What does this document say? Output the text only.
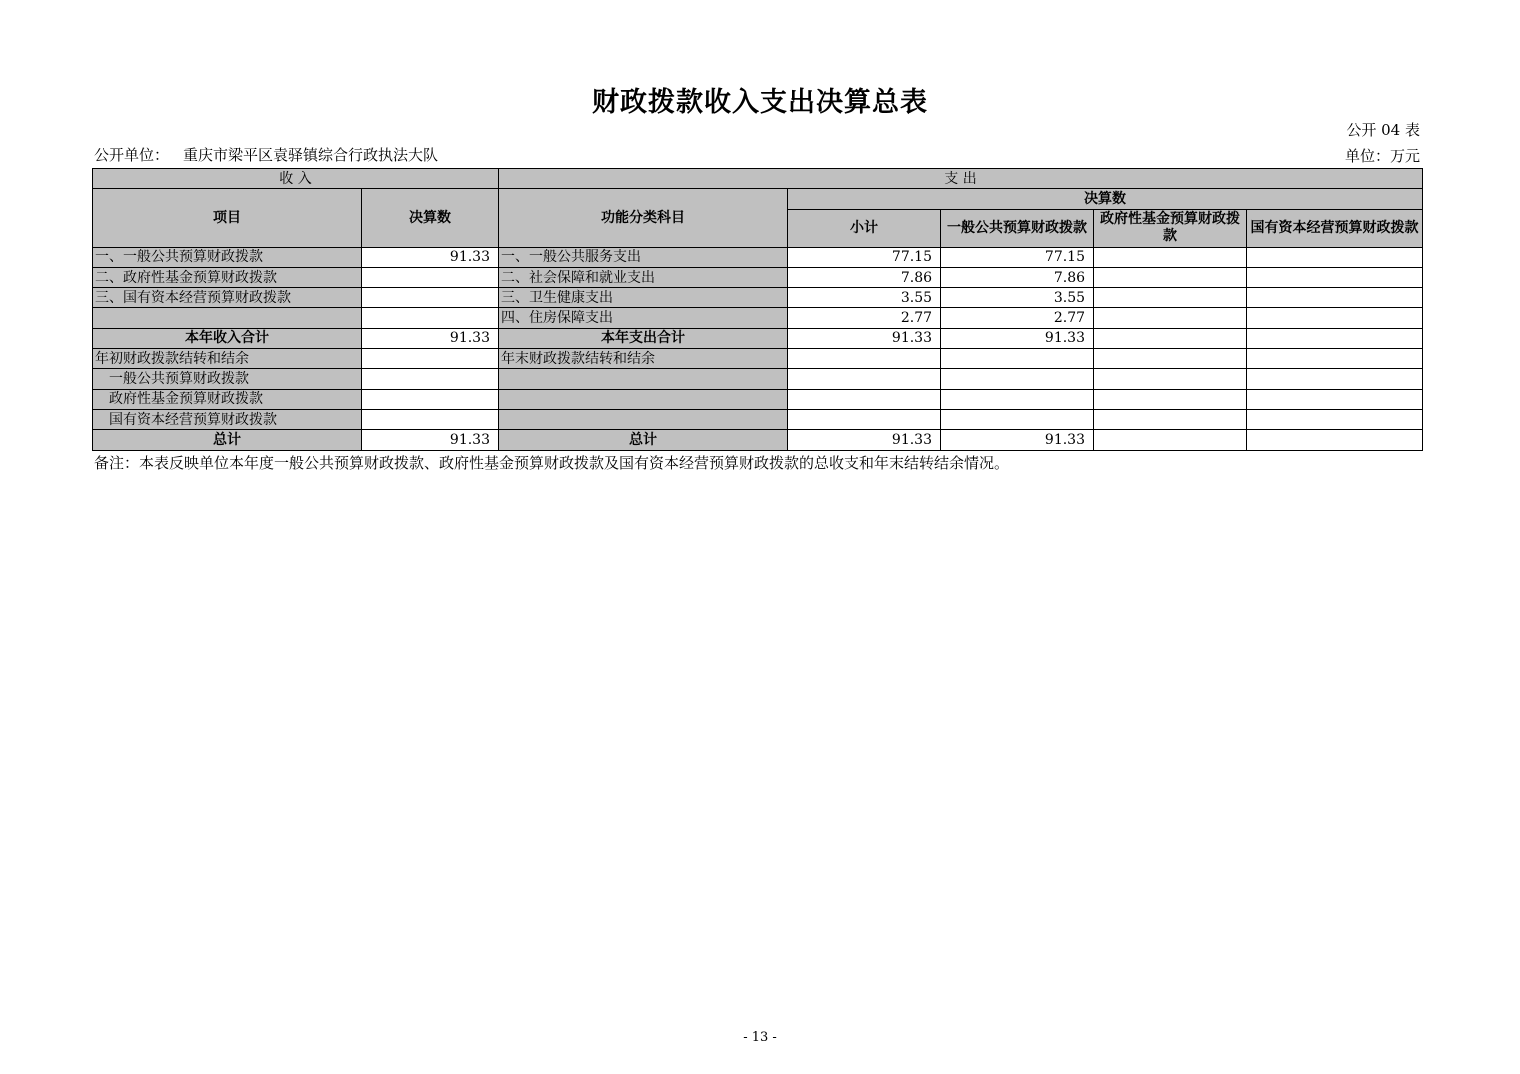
财政拨款收入支出决算总表
公开 04 表
公开单位： 重庆市梁平区袁驿镇综合行政执法大队	单位：万元
收 入		支 出				
项目	决算数	功能分类科目	决算数			
			小计	一般公共预算财政拨款	政府性基金预算财政拨款	国有资本经营预算财政拨款
一、一般公共预算财政拨款	91.33	一、一般公共服务支出	77.15	77.15		
二、政府性基金预算财政拨款		二、社会保障和就业支出	7.86	7.86		
三、国有资本经营预算财政拨款		三、卫生健康支出	3.55	3.55		
		四、住房保障支出	2.77	2.77		
本年收入合计	91.33	本年支出合计	91.33	91.33		
年初财政拨款结转和结余		年末财政拨款结转和结余				
一般公共预算财政拨款						
政府性基金预算财政拨款						
国有资本经营预算财政拨款						
总计	91.33	总计	91.33	91.33		
备注：本表反映单位本年度一般公共预算财政拨款、政府性基金预算财政拨款及国有资本经营预算财政拨款的总收支和年末结转结余情况。
- 13 -
